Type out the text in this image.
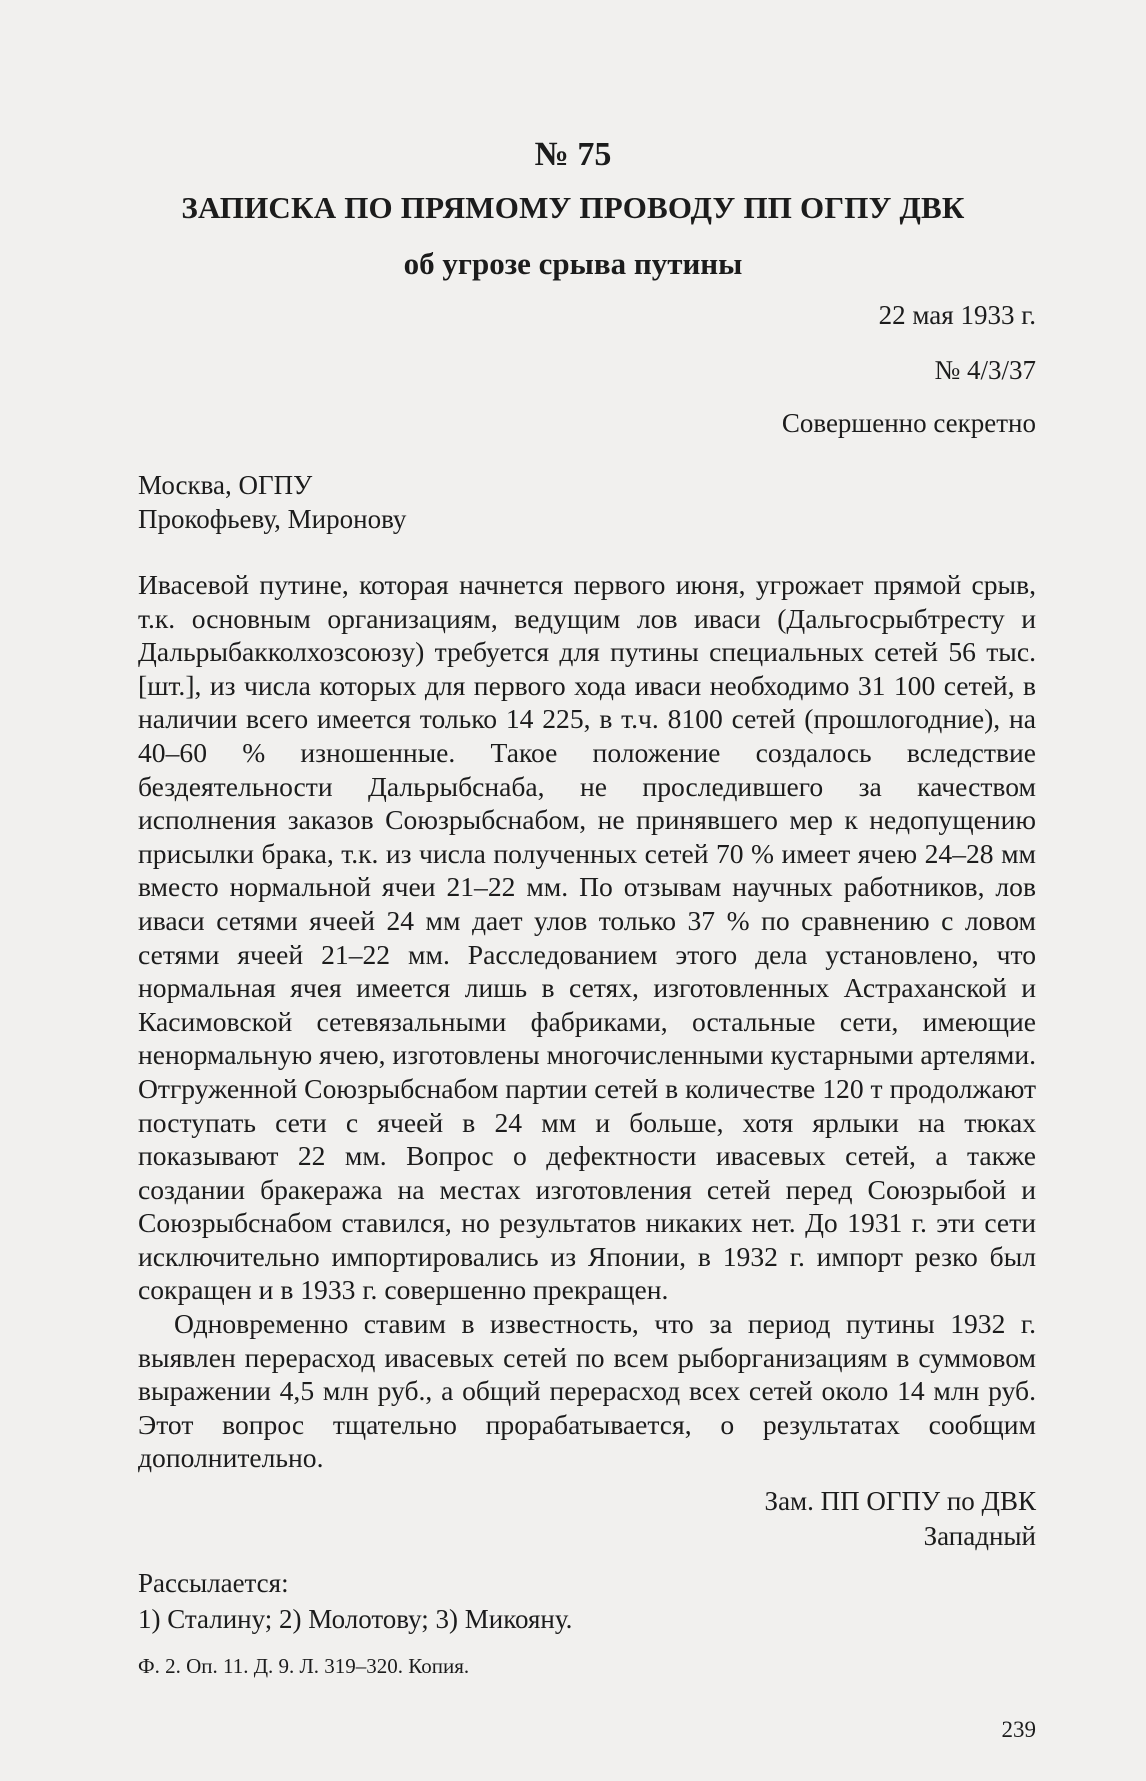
№ 75
ЗАПИСКА ПО ПРЯМОМУ ПРОВОДУ ПП ОГПУ ДВК
об угрозе срыва путины
22 мая 1933 г.
№ 4/3/37
Совершенно секретно
Москва, ОГПУ
Прокофьеву, Миронову

Ивасевой путине, которая начнется первого июня, угрожает прямой срыв, т.к. основным организациям, ведущим лов иваси (Дальгосрыбтресту и Дальрыбакколхозсоюзу) требуется для путины специальных сетей 56 тыс. [шт.], из числа которых для первого хода иваси необходимо 31 100 сетей, в наличии всего имеется только 14 225, в т.ч. 8100 сетей (прошлогодние), на 40–60 % изношенные. Такое положение создалось вследствие бездеятельности Дальрыбснаба, не проследившего за качеством исполнения заказов Союзрыбснабом, не принявшего мер к недопущению присылки брака, т.к. из числа полученных сетей 70 % имеет ячею 24–28 мм вместо нормальной ячеи 21–22 мм. По отзывам научных работников, лов иваси сетями ячеей 24 мм дает улов только 37 % по сравнению с ловом сетями ячеей 21–22 мм. Расследованием этого дела установлено, что нормальная ячея имеется лишь в сетях, изготовленных Астраханской и Касимовской сетевязальными фабриками, остальные сети, имеющие ненормальную ячею, изготовлены многочисленными кустарными артелями. Отгруженной Союзрыбснабом партии сетей в количестве 120 т продолжают поступать сети с ячеей в 24 мм и больше, хотя ярлыки на тюках показывают 22 мм. Вопрос о дефектности ивасевых сетей, а также создании бракеража на местах изготовления сетей перед Союзрыбой и Союзрыбснабом ставился, но результатов никаких нет. До 1931 г. эти сети исключительно импортировались из Японии, в 1932 г. импорт резко был сокращен и в 1933 г. совершенно прекращен.

Одновременно ставим в известность, что за период путины 1932 г. выявлен перерасход ивасевых сетей по всем рыборганизациям в суммовом выражении 4,5 млн руб., а общий перерасход всех сетей около 14 млн руб. Этот вопрос тщательно прорабатывается, о результатах сообщим дополнительно.

Зам. ПП ОГПУ по ДВК
Западный
Рассылается:
1) Сталину; 2) Молотову; 3) Микояну.
Ф. 2. Оп. 11. Д. 9. Л. 319–320. Копия.
239
